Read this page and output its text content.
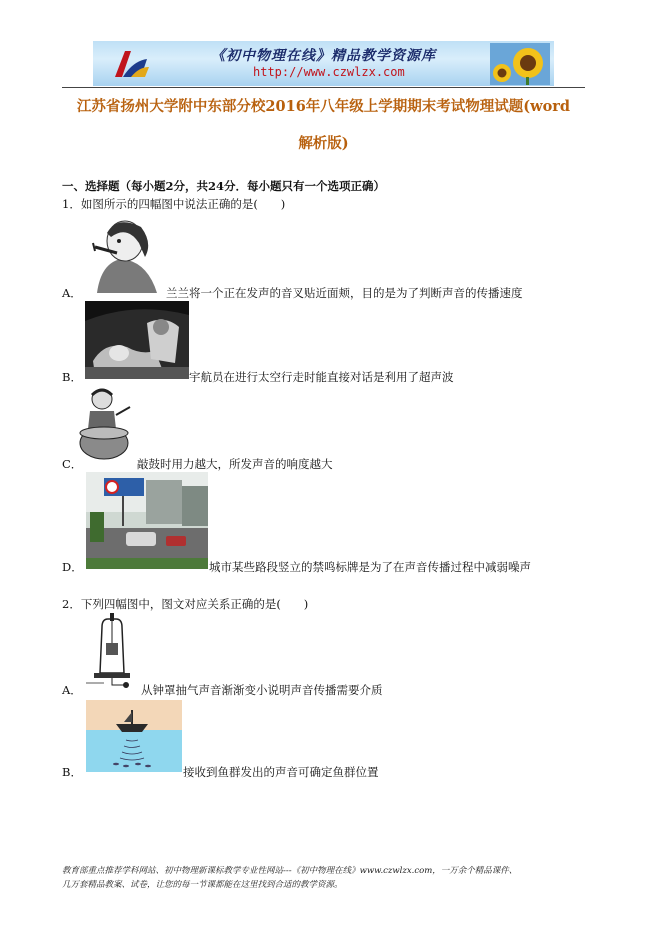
《初中物理在线》精品教学资源库
http://www.czwlzx.com
江苏省扬州大学附中东部分校2016年八年级上学期期末考试物理试题(word
解析版)
一、选择题（每小题2分，共24分．每小题只有一个选项正确）
1．如图所示的四幅图中说法正确的是(　　)
A．	兰兰将一个正在发声的音叉贴近面颊，目的是为了判断声音的传播速度
B．	宇航员在进行太空行走时能直接对话是利用了超声波
C．	敲鼓时用力越大，所发声音的响度越大
D．	城市某些路段竖立的禁鸣标牌是为了在声音传播过程中减弱噪声
2．下列四幅图中，图文对应关系正确的是(　　)
A．	从钟罩抽气声音渐渐变小说明声音传播需要介质
B．	接收到鱼群发出的声音可确定鱼群位置
教育部重点推荐学科网站、初中物理新课标教学专业性网站---《初中物理在线》www.czwlzx.com，一万余个精品课件、
几万套精品教案、试卷，让您的每一节课都能在这里找到合适的教学资源。
